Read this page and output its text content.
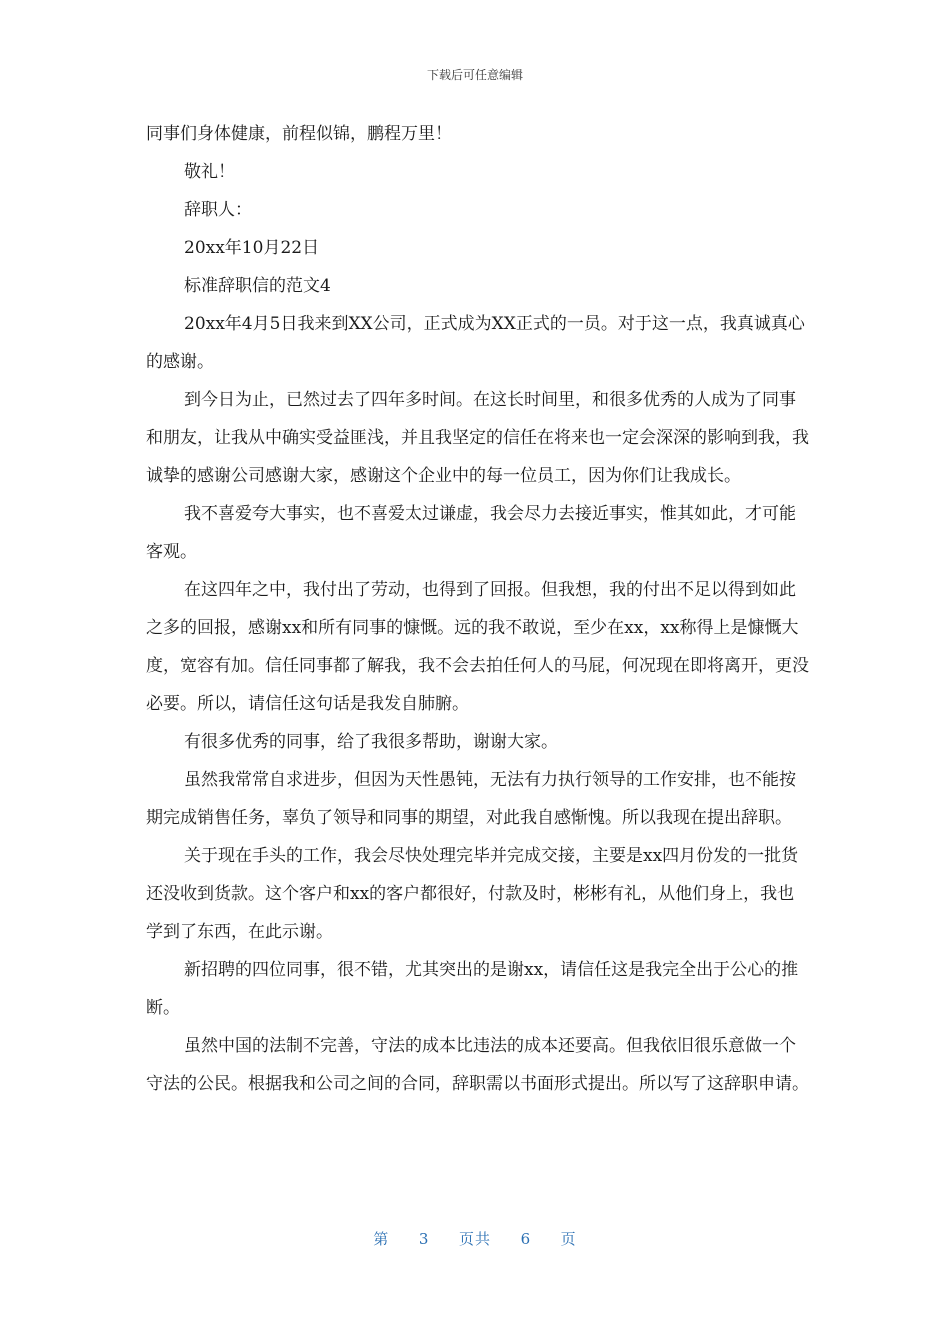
下载后可任意编辑

同事们身体健康，前程似锦，鹏程万里！

敬礼！

辞职人：

20xx年10月22日

标准辞职信的范文4

20xx年4月5日我来到XX公司，正式成为XX正式的一员。对于这一点，我真诚真心的感谢。

到今日为止，已然过去了四年多时间。在这长时间里，和很多优秀的人成为了同事和朋友，让我从中确实受益匪浅，并且我坚定的信任在将来也一定会深深的影响到我，我诚挚的感谢公司感谢大家，感谢这个企业中的每一位员工，因为你们让我成长。

我不喜爱夸大事实，也不喜爱太过谦虚，我会尽力去接近事实，惟其如此，才可能客观。

在这四年之中，我付出了劳动，也得到了回报。但我想，我的付出不足以得到如此之多的回报，感谢xx和所有同事的慷慨。远的我不敢说，至少在xx，xx称得上是慷慨大度，宽容有加。信任同事都了解我，我不会去拍任何人的马屁，何况现在即将离开，更没必要。所以，请信任这句话是我发自肺腑。

有很多优秀的同事，给了我很多帮助，谢谢大家。

虽然我常常自求进步，但因为天性愚钝，无法有力执行领导的工作安排，也不能按期完成销售任务，辜负了领导和同事的期望，对此我自感惭愧。所以我现在提出辞职。

关于现在手头的工作，我会尽快处理完毕并完成交接，主要是xx四月份发的一批货还没收到货款。这个客户和xx的客户都很好，付款及时，彬彬有礼，从他们身上，我也学到了东西，在此示谢。

新招聘的四位同事，很不错，尤其突出的是谢xx，请信任这是我完全出于公心的推断。

虽然中国的法制不完善，守法的成本比违法的成本还要高。但我依旧很乐意做一个守法的公民。根据我和公司之间的合同，辞职需以书面形式提出。所以写了这辞职申请。

第 3 页共 6 页
